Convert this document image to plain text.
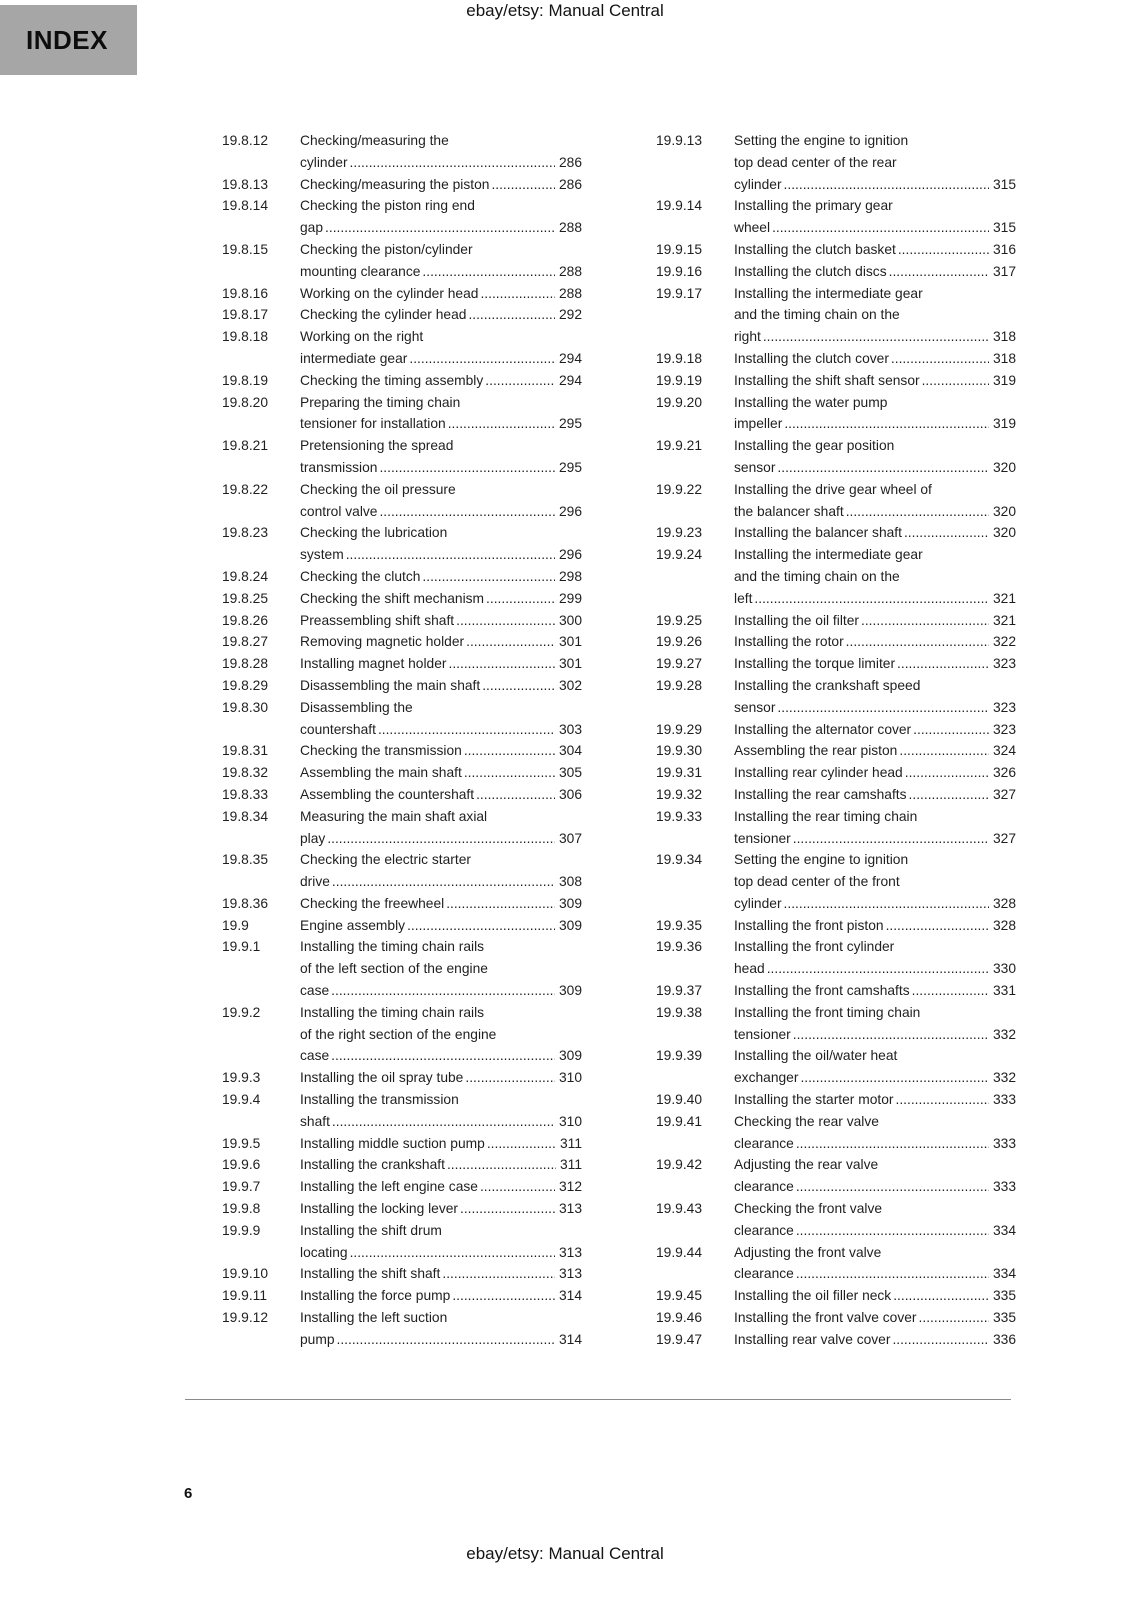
ebay/etsy: Manual Central
INDEX
19.8.12	Checking/measuring the
cylinder .....	286
19.8.13	Checking/measuring the piston .....	286
19.8.14	Checking the piston ring end
gap .....	288
19.8.15	Checking the piston/cylinder
mounting clearance .....	288
19.8.16	Working on the cylinder head .....	288
19.8.17	Checking the cylinder head .....	292
19.8.18	Working on the right
intermediate gear .....	294
19.8.19	Checking the timing assembly .....	294
19.8.20	Preparing the timing chain
tensioner for installation .....	295
19.8.21	Pretensioning the spread
transmission .....	295
19.8.22	Checking the oil pressure
control valve .....	296
19.8.23	Checking the lubrication
system .....	296
19.8.24	Checking the clutch .....	298
19.8.25	Checking the shift mechanism .....	299
19.8.26	Preassembling shift shaft .....	300
19.8.27	Removing magnetic holder .....	301
19.8.28	Installing magnet holder .....	301
19.8.29	Disassembling the main shaft .....	302
19.8.30	Disassembling the
countershaft .....	303
19.8.31	Checking the transmission .....	304
19.8.32	Assembling the main shaft .....	305
19.8.33	Assembling the countershaft .....	306
19.8.34	Measuring the main shaft axial
play .....	307
19.8.35	Checking the electric starter
drive .....	308
19.8.36	Checking the freewheel .....	309
19.9	Engine assembly .....	309
19.9.1	Installing the timing chain rails
of the left section of the engine
case .....	309
19.9.2	Installing the timing chain rails
of the right section of the engine
case .....	309
19.9.3	Installing the oil spray tube .....	310
19.9.4	Installing the transmission
shaft .....	310
19.9.5	Installing middle suction pump .....	311
19.9.6	Installing the crankshaft .....	311
19.9.7	Installing the left engine case .....	312
19.9.8	Installing the locking lever .....	313
19.9.9	Installing the shift drum
locating .....	313
19.9.10	Installing the shift shaft .....	313
19.9.11	Installing the force pump .....	314
19.9.12	Installing the left suction
pump .....	314
19.9.13	Setting the engine to ignition
top dead center of the rear
cylinder .....	315
19.9.14	Installing the primary gear
wheel .....	315
19.9.15	Installing the clutch basket .....	316
19.9.16	Installing the clutch discs .....	317
19.9.17	Installing the intermediate gear
and the timing chain on the
right .....	318
19.9.18	Installing the clutch cover .....	318
19.9.19	Installing the shift shaft sensor .....	319
19.9.20	Installing the water pump
impeller .....	319
19.9.21	Installing the gear position
sensor .....	320
19.9.22	Installing the drive gear wheel of
the balancer shaft .....	320
19.9.23	Installing the balancer shaft .....	320
19.9.24	Installing the intermediate gear
and the timing chain on the
left .....	321
19.9.25	Installing the oil filter .....	321
19.9.26	Installing the rotor .....	322
19.9.27	Installing the torque limiter .....	323
19.9.28	Installing the crankshaft speed
sensor .....	323
19.9.29	Installing the alternator cover .....	323
19.9.30	Assembling the rear piston .....	324
19.9.31	Installing rear cylinder head .....	326
19.9.32	Installing the rear camshafts .....	327
19.9.33	Installing the rear timing chain
tensioner .....	327
19.9.34	Setting the engine to ignition
top dead center of the front
cylinder .....	328
19.9.35	Installing the front piston .....	328
19.9.36	Installing the front cylinder
head .....	330
19.9.37	Installing the front camshafts .....	331
19.9.38	Installing the front timing chain
tensioner .....	332
19.9.39	Installing the oil/water heat
exchanger .....	332
19.9.40	Installing the starter motor .....	333
19.9.41	Checking the rear valve
clearance .....	333
19.9.42	Adjusting the rear valve
clearance .....	333
19.9.43	Checking the front valve
clearance .....	334
19.9.44	Adjusting the front valve
clearance .....	334
19.9.45	Installing the oil filler neck .....	335
19.9.46	Installing the front valve cover .....	335
19.9.47	Installing rear valve cover .....	336
6
ebay/etsy: Manual Central
